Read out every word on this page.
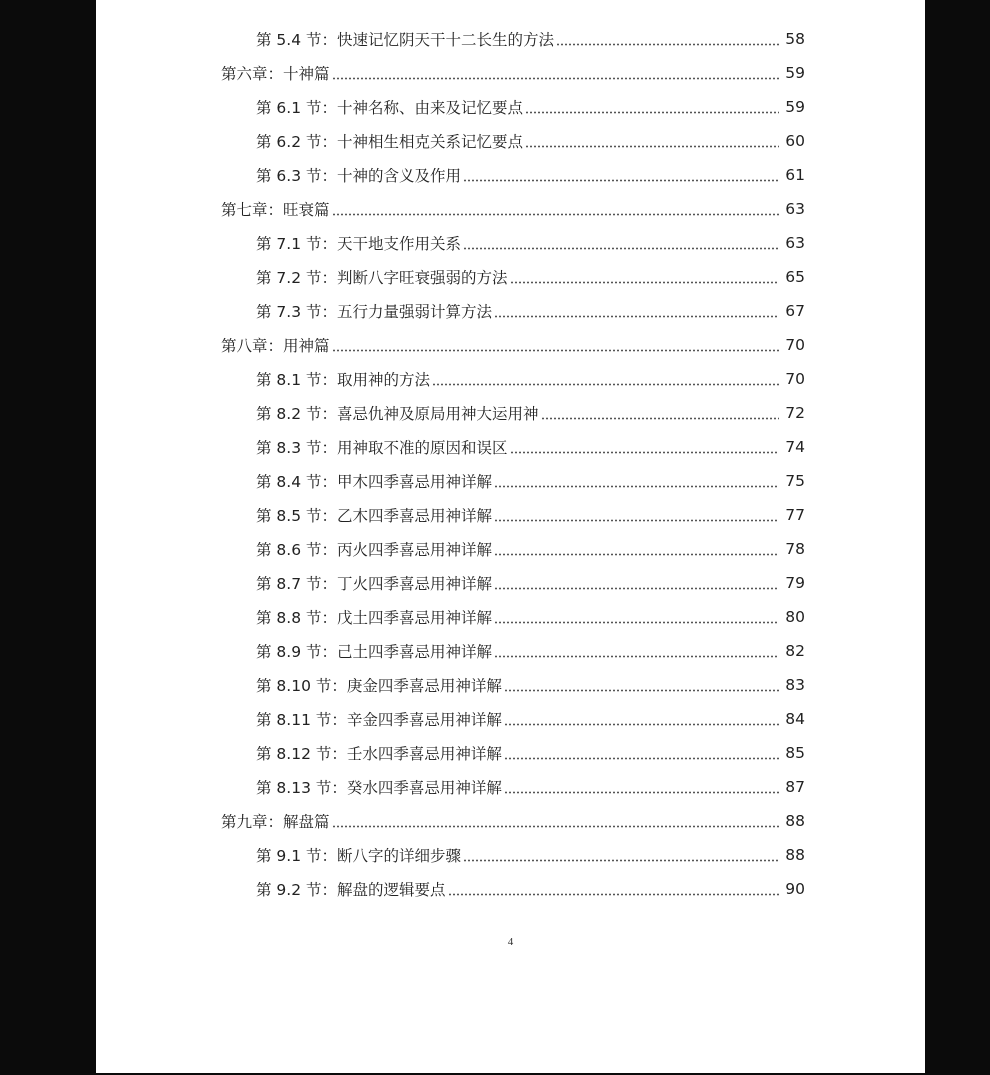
第 5.4 节：快速记忆阴天干十二长生的方法	58
第六章：十神篇	59
第 6.1 节：十神名称、由来及记忆要点	59
第 6.2 节：十神相生相克关系记忆要点	60
第 6.3 节：十神的含义及作用	61
第七章：旺衰篇	63
第 7.1 节：天干地支作用关系	63
第 7.2 节：判断八字旺衰强弱的方法	65
第 7.3 节：五行力量强弱计算方法	67
第八章：用神篇	70
第 8.1 节：取用神的方法	70
第 8.2 节：喜忌仇神及原局用神大运用神	72
第 8.3 节：用神取不准的原因和误区	74
第 8.4 节：甲木四季喜忌用神详解	75
第 8.5 节：乙木四季喜忌用神详解	77
第 8.6 节：丙火四季喜忌用神详解	78
第 8.7 节：丁火四季喜忌用神详解	79
第 8.8 节：戊土四季喜忌用神详解	80
第 8.9 节：己土四季喜忌用神详解	82
第 8.10 节：庚金四季喜忌用神详解	83
第 8.11 节：辛金四季喜忌用神详解	84
第 8.12 节：壬水四季喜忌用神详解	85
第 8.13 节：癸水四季喜忌用神详解	87
第九章：解盘篇	88
第 9.1 节：断八字的详细步骤	88
第 9.2 节：解盘的逻辑要点	90
4
